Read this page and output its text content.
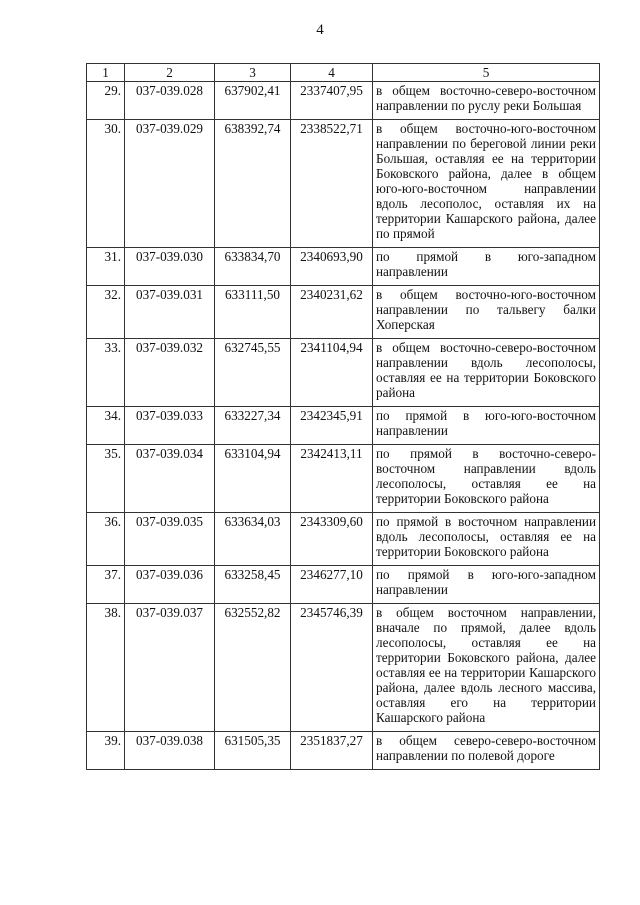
4
1	2	3	4	5
29.	037-039.028	637902,41	2337407,95	в общем восточно-северо-восточном направлении по руслу реки Большая
30.	037-039.029	638392,74	2338522,71	в общем восточно-юго-восточном направлении по береговой линии реки Большая, оставляя ее на территории Боковского района, далее в общем юго-юго-восточном направлении вдоль лесополос, оставляя их на территории Кашарского района, далее по прямой
31.	037-039.030	633834,70	2340693,90	по прямой в юго-западном направлении
32.	037-039.031	633111,50	2340231,62	в общем восточно-юго-восточном направлении по тальвегу балки Хоперская
33.	037-039.032	632745,55	2341104,94	в общем восточно-северо-восточном направлении вдоль лесополосы, оставляя ее на территории Боковского района
34.	037-039.033	633227,34	2342345,91	по прямой в юго-юго-восточном направлении
35.	037-039.034	633104,94	2342413,11	по прямой в восточно-северо-восточном направлении вдоль лесополосы, оставляя ее на территории Боковского района
36.	037-039.035	633634,03	2343309,60	по прямой в восточном направлении вдоль лесополосы, оставляя ее на территории Боковского района
37.	037-039.036	633258,45	2346277,10	по прямой в юго-юго-западном направлении
38.	037-039.037	632552,82	2345746,39	в общем восточном направлении, вначале по прямой, далее вдоль лесополосы, оставляя ее на территории Боковского района, далее оставляя ее на территории Кашарского района, далее вдоль лесного массива, оставляя его на территории Кашарского района
39.	037-039.038	631505,35	2351837,27	в общем северо-северо-восточном направлении по полевой дороге
